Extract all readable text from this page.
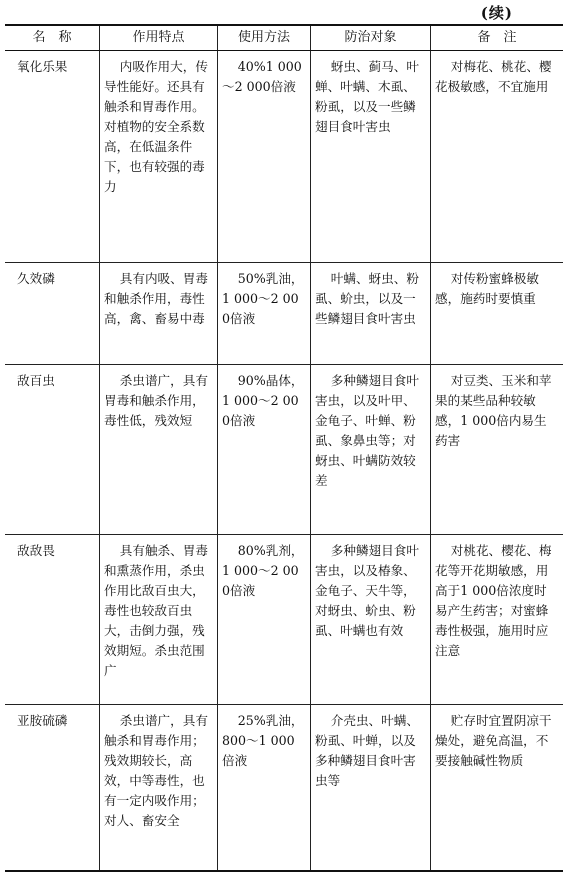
(续)
名　称	作用特点	使用方法	防治对象	备　注
氧化乐果	内吸作用大，传导性能好。还具有触杀和胃毒作用。对植物的安全系数高，在低温条件下，也有较强的毒力	40%1 000～2 000倍液	蚜虫、蓟马、叶蝉、叶螨、木虱、粉虱，以及一些鳞翅目食叶害虫	对梅花、桃花、樱花极敏感，不宜施用
久效磷	具有内吸、胃毒和触杀作用，毒性高，禽、畜易中毒	50%乳油，1 000～2 000倍液	叶螨、蚜虫、粉虱、蚧虫，以及一些鳞翅目食叶害虫	对传粉蜜蜂极敏感，施药时要慎重
敌百虫	杀虫谱广，具有胃毒和触杀作用，毒性低，残效短	90%晶体，1 000～2 000倍液	多种鳞翅目食叶害虫，以及叶甲、金龟子、叶蝉、粉虱、象鼻虫等；对蚜虫、叶螨防效较差	对豆类、玉米和苹果的某些品种较敏感，1 000倍内易生药害
敌敌畏	具有触杀、胃毒和熏蒸作用，杀虫作用比敌百虫大，毒性也较敌百虫大，击倒力强，残效期短。杀虫范围广	80%乳剂，1 000～2 000倍液	多种鳞翅目食叶害虫，以及椿象、金龟子、天牛等，对蚜虫、蚧虫、粉虱、叶螨也有效	对桃花、樱花、梅花等开花期敏感，用高于1 000倍浓度时易产生药害；对蜜蜂毒性极强，施用时应注意
亚胺硫磷	杀虫谱广，具有触杀和胃毒作用；残效期较长，高效，中等毒性，也有一定内吸作用；对人、畜安全	25%乳油，800～1 000倍液	介壳虫、叶螨、粉虱、叶蝉，以及多种鳞翅目食叶害虫等	贮存时宜置阴凉干燥处，避免高温，不要接触碱性物质
